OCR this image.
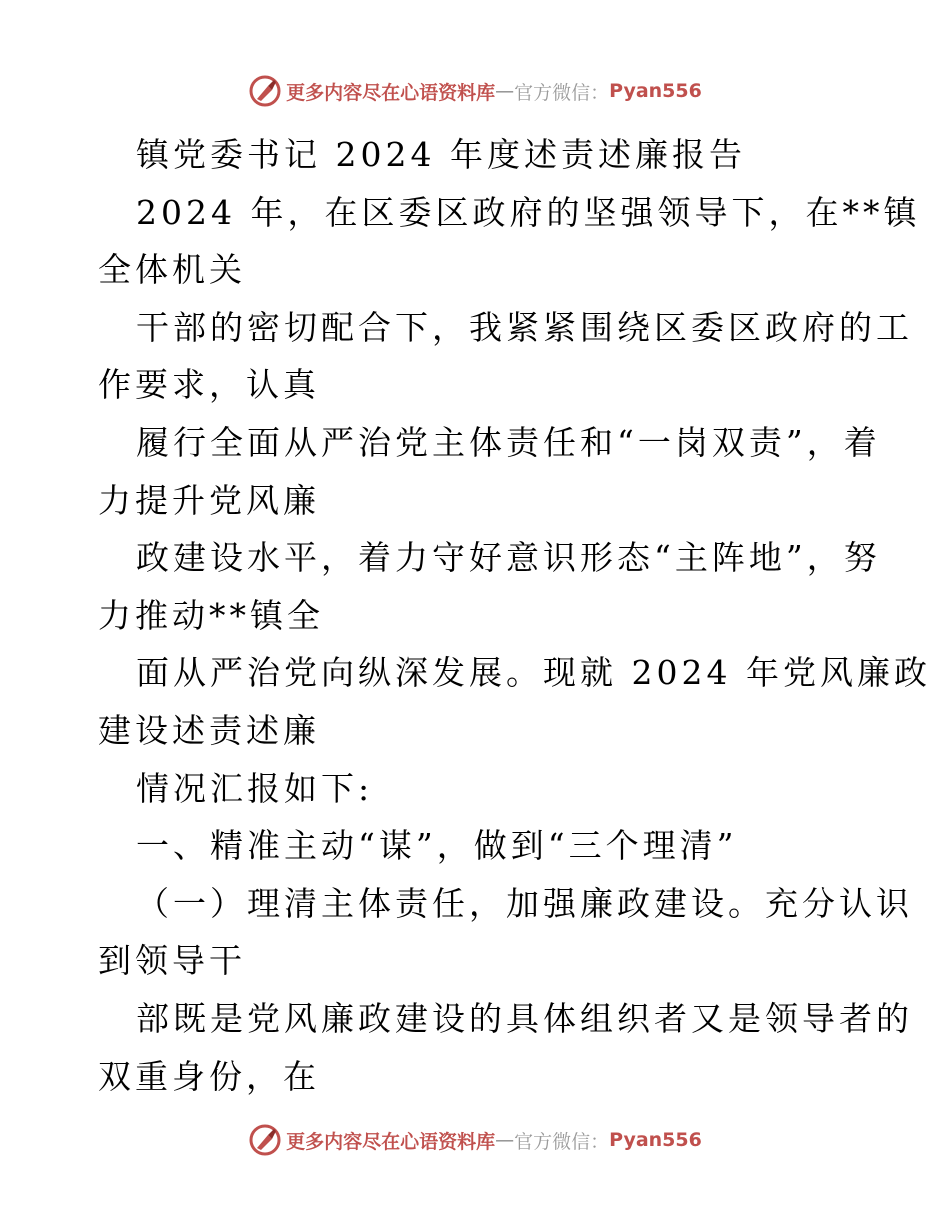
更多内容尽在心语资料库 — 官方微信： Pyan556
镇党委书记 2024 年度述责述廉报告
2024 年，在区委区政府的坚强领导下，在**镇
全体机关
干部的密切配合下，我紧紧围绕区委区政府的工
作要求，认真
履行全面从严治党主体责任和“一岗双责”，着
力提升党风廉
政建设水平，着力守好意识形态“主阵地”，努
力推动**镇全
面从严治党向纵深发展。现就 2024 年党风廉政
建设述责述廉
情况汇报如下:
一、精准主动“谋”，做到“三个理清”
（一）理清主体责任，加强廉政建设。充分认识
到领导干
部既是党风廉政建设的具体组织者又是领导者的
双重身份，在
更多内容尽在心语资料库 — 官方微信： Pyan556
